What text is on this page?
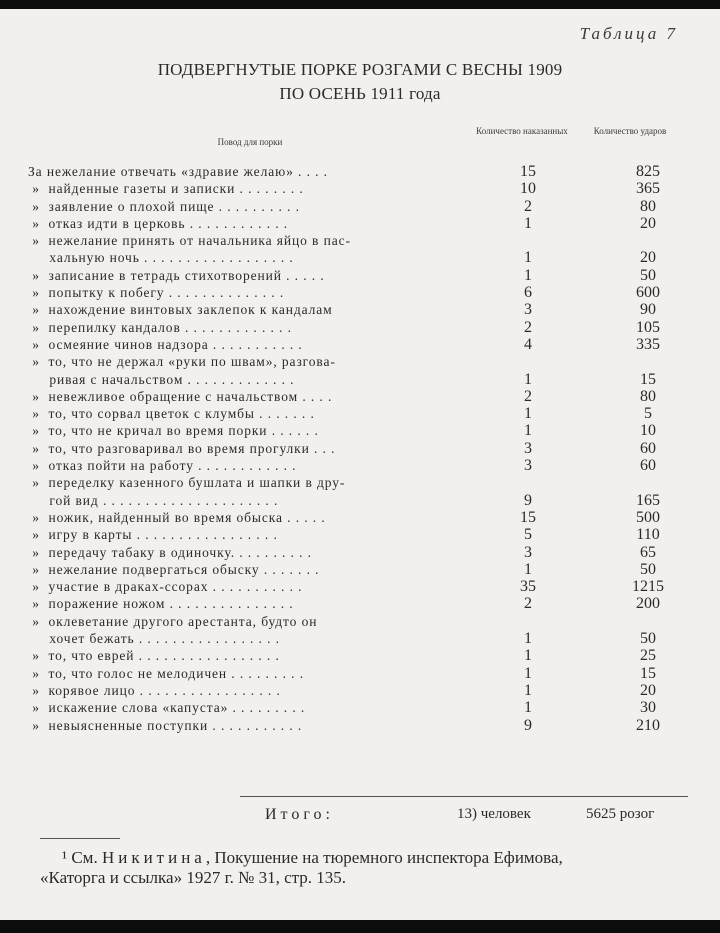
Таблица 7
ПОДВЕРГНУТЫЕ ПОРКЕ РОЗГАМИ С ВЕСНЫ 1909
ПО ОСЕНЬ 1911 года
Повод для порки
Количество наказанных	Количество ударов
За нежелание отвечать «здравие желаю» . . . .	15	825
»  найденные газеты и записки . . . . . . . .	10	365
»  заявление о плохой пище . . . . . . . . . .	2	80
»  отказ идти в церковь . . . . . . . . . . . .	1	20
»  нежелание принять от начальника яйцо в пас-
хальную ночь . . . . . . . . . . . . . . . . . .	1	20
»  записание в тетрадь стихотворений . . . . .	1	50
»  попытку к побегу . . . . . . . . . . . . . .	6	600
»  нахождение винтовых заклепок к кандалам	3	90
»  перепилку кандалов . . . . . . . . . . . . .	2	105
»  осмеяние чинов надзора . . . . . . . . . . .	4	335
»  то, что не держал «руки по швам», разгова-
ривая с начальством . . . . . . . . . . . . .	1	15
»  невежливое обращение с начальством . . . .	2	80
»  то, что сорвал цветок с клумбы . . . . . . .	1	5
»  то, что не кричал во время порки . . . . . .	1	10
»  то, что разговаривал во время прогулки . . .	3	60
»  отказ пойти на работу . . . . . . . . . . . .	3	60
»  переделку казенного бушлата и шапки в дру-
гой вид . . . . . . . . . . . . . . . . . . . . .	9	165
»  ножик, найденный во время обыска . . . . .	15	500
»  игру в карты . . . . . . . . . . . . . . . . .	5	110
»  передачу табаку в одиночку. . . . . . . . . .	3	65
»  нежелание подвергаться обыску . . . . . . .	1	50
»  участие в драках-ссорах . . . . . . . . . . .	35	1215
»  поражение ножом . . . . . . . . . . . . . . .	2	200
»  оклеветание другого арестанта, будто он
хочет бежать . . . . . . . . . . . . . . . . .	1	50
»  то, что еврей . . . . . . . . . . . . . . . . .	1	25
»  то, что голос не мелодичен . . . . . . . . .	1	15
»  корявое лицо . . . . . . . . . . . . . . . . .	1	20
»  искажение слова «капуста» . . . . . . . . .	1	30
»  невыясненные поступки . . . . . . . . . . .	9	210
Итого:	13) человек	5625 розог
¹ См. Никитина, Покушение на тюремного инспектора Ефимова,
«Каторга и ссылка» 1927 г. № 31, стр. 135.
